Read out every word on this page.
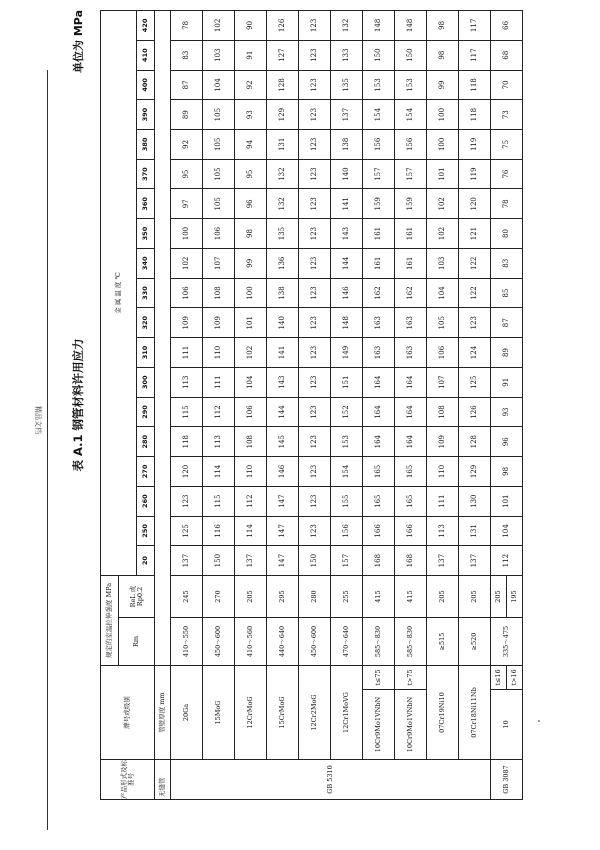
精品文档	表 A.1 钢管材料许用应力
单位为 MPa
产品形式及标准号	牌号或级别		规定的室温拉伸强度 MPa		金 属 温 度 ℃																		
			Rm	ReL 或 Rp0.2																			
					20	250	260	270	280	290	300	310	320	330	340	350	360	370	380	390	400	410	420
无缝管	管壁厚度 mm																						
GB 5310	20Ga		410～550	245	137	125	123	120	118	115	113	111	109	106	102	100	97	95	92	89	87	83	78
	15MoG		450～600	270	150	116	115	114	113	112	111	110	109	108	107	106	105	105	105	105	104	103	102
	12CrMoG		410～560	205	137	114	112	110	108	106	104	102	101	100	99	98	96	95	94	93	92	91	90
	15CrMoG		440～640	295	147	147	147	146	145	144	143	141	140	138	136	135	132	132	131	129	128	127	126
	12Cr2MoG		450～600	280	150	123	123	123	123	123	123	123	123	123	123	123	123	123	123	123	123	123	123
	12Cr1MoVG		470～640	255	157	156	155	154	153	152	151	149	148	146	144	143	141	140	138	137	135	133	132
	10Cr9Mo1VNbN	t≤75	585～830	415	168	166	165	165	164	164	164	163	163	162	161	161	159	157	156	154	153	150	148
	10Cr9Mo1VNbN	t>75	585～830	415	168	166	165	165	164	164	164	163	163	162	161	161	159	157	156	154	153	150	148
	07Cr19Ni10		≥515	205	137	113	111	110	109	108	107	106	105	104	103	102	102	101	100	100	99	98	98
	07Cr18Ni11Nb		≥520	205	137	131	130	129	128	126	125	124	123	122	122	121	120	119	119	118	118	117	117
GB 3087	10	t≤16	335～475	205	112	104	101	98	96	93	91	89	87	85	83	80	78	76	75	73	70	68	66
		t>16		195																			
